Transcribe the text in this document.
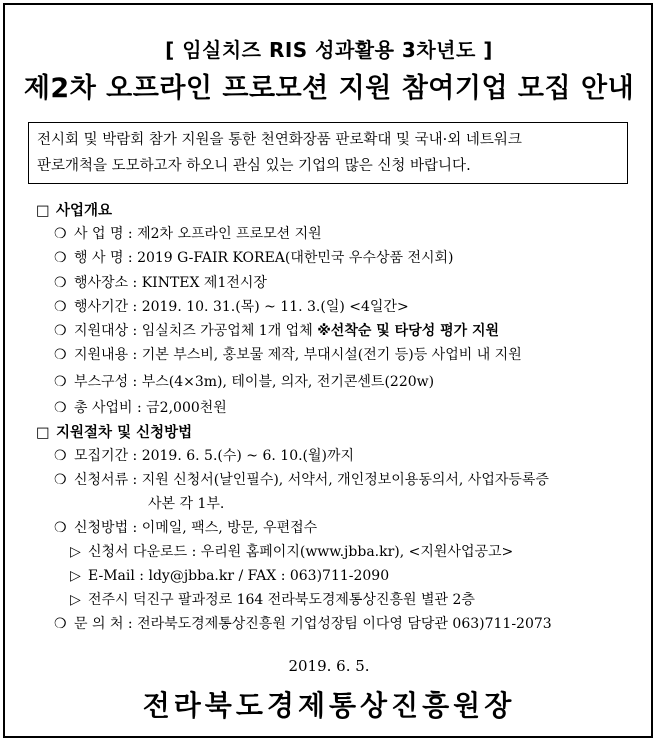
[ 임실치즈 RIS 성과활용 3차년도 ]
제2차 오프라인 프로모션 지원 참여기업 모집 안내

전시회 및 박람회 참가 지원을 통한 천연화장품 판로확대 및 국내·외 네트워크

판로개척을 도모하고자 하오니 관심 있는 기업의 많은 신청 바랍니다.

□ 사업개요
❍ 사 업 명 : 제2차 오프라인 프로모션 지원
❍ 행 사 명 : 2019 G-FAIR KOREA(대한민국 우수상품 전시회)
❍ 행사장소 : KINTEX 제1전시장
❍ 행사기간 : 2019. 10. 31.(목) ~ 11. 3.(일) <4일간>
❍ 지원대상 : 임실치즈 가공업체 1개 업체 ※선착순 및 타당성 평가 지원
❍ 지원내용 : 기본 부스비, 홍보물 제작, 부대시설(전기 등)등 사업비 내 지원
❍ 부스구성 : 부스(4×3m), 테이블, 의자, 전기콘센트(220w)
❍ 총 사업비 : 금2,000천원
□ 지원절차 및 신청방법
❍ 모집기간 : 2019. 6. 5.(수) ~ 6. 10.(월)까지
❍ 신청서류 : 지원 신청서(날인필수), 서약서, 개인정보이용동의서, 사업자등록증
사본 각 1부.
❍ 신청방법 : 이메일, 팩스, 방문, 우편접수
▷ 신청서 다운로드 : 우리원 홈페이지(www.jbba.kr), <지원사업공고>
▷ E-Mail : ldy@jbba.kr / FAX : 063)711-2090
▷ 전주시 덕진구 팔과정로 164 전라북도경제통상진흥원 별관 2층
❍ 문 의 처 : 전라북도경제통상진흥원 기업성장팀 이다영 담당관 063)711-2073
2019. 6. 5.
전라북도경제통상진흥원장
